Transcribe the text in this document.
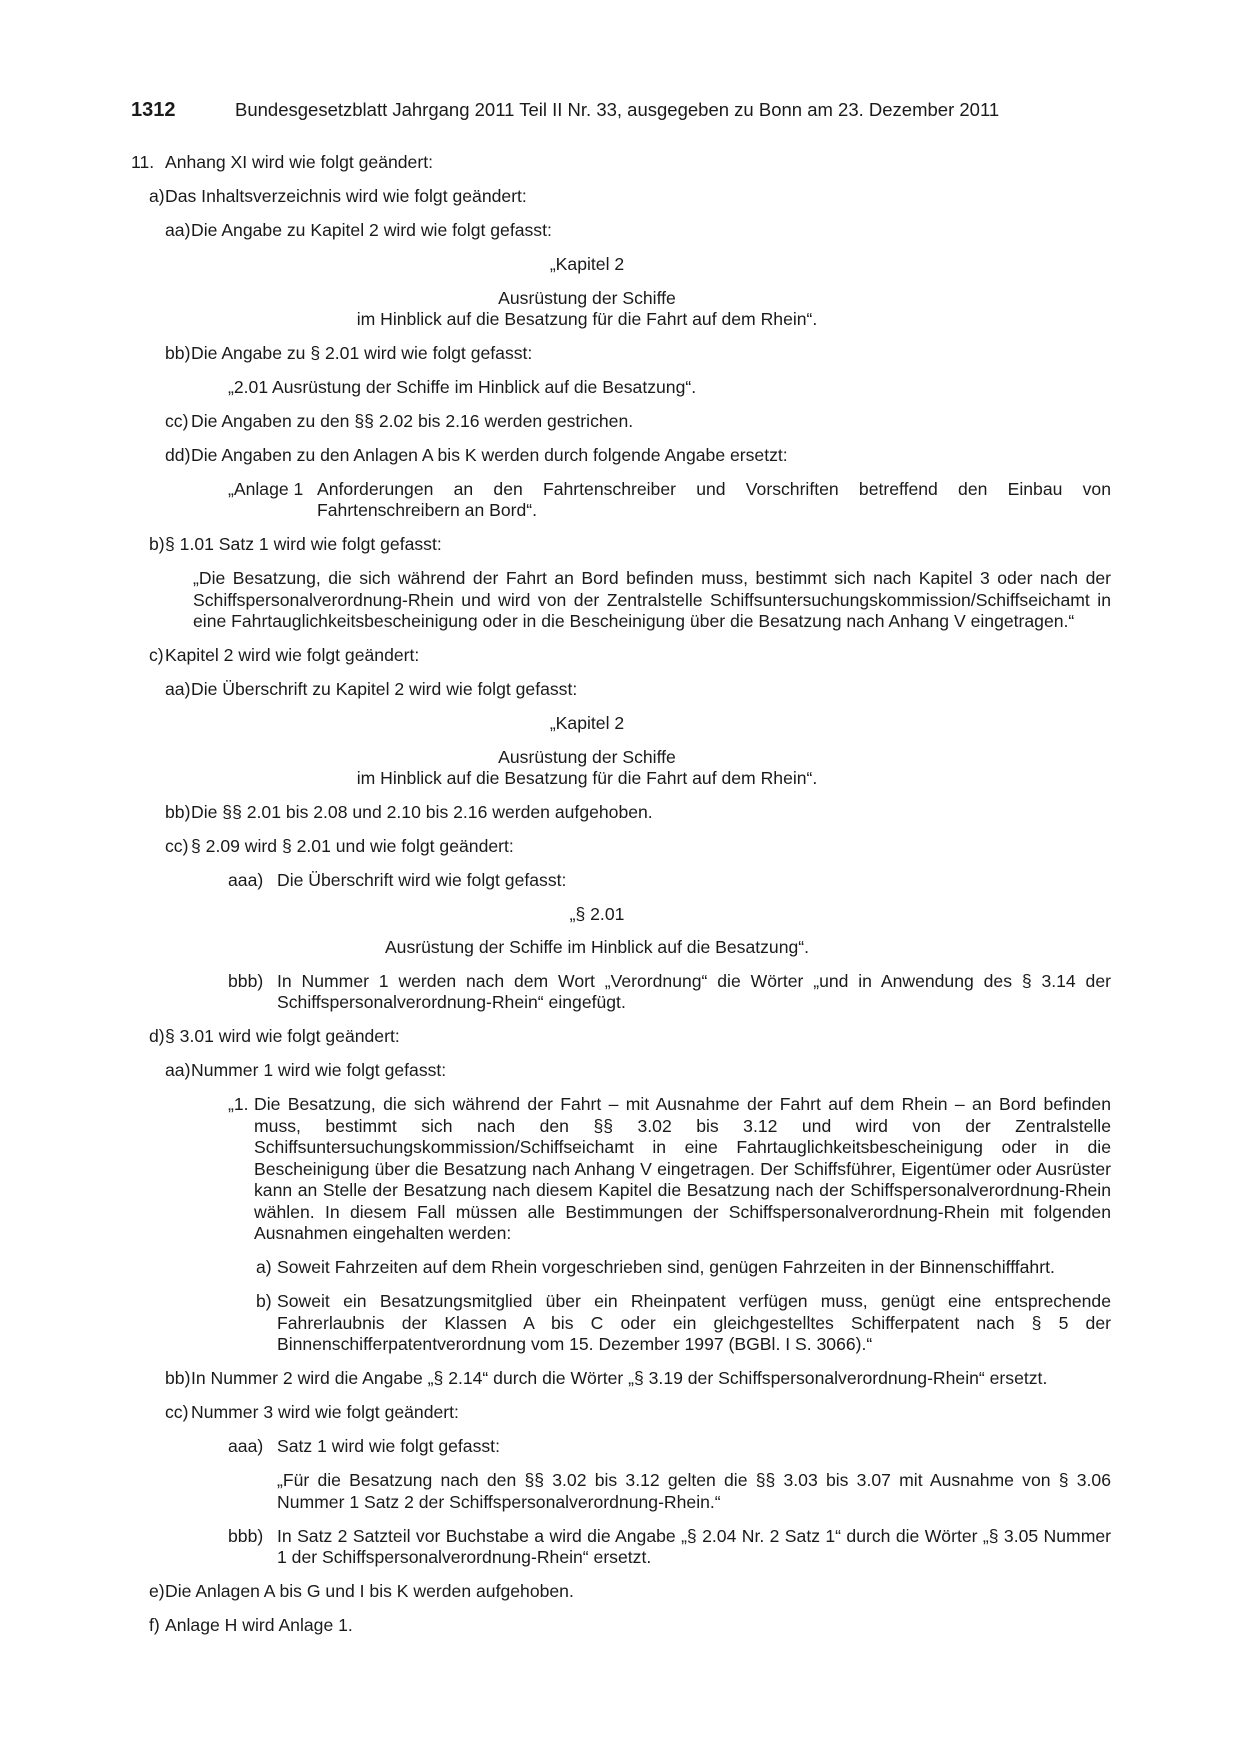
1312	Bundesgesetzblatt Jahrgang 2011 Teil II Nr. 33, ausgegeben zu Bonn am 23. Dezember 2011
11. Anhang XI wird wie folgt geändert:
a) Das Inhaltsverzeichnis wird wie folgt geändert:
aa) Die Angabe zu Kapitel 2 wird wie folgt gefasst:
„Kapitel 2
Ausrüstung der Schiffe
im Hinblick auf die Besatzung für die Fahrt auf dem Rhein“.
bb) Die Angabe zu § 2.01 wird wie folgt gefasst:
„2.01 Ausrüstung der Schiffe im Hinblick auf die Besatzung“.
cc) Die Angaben zu den §§ 2.02 bis 2.16 werden gestrichen.
dd) Die Angaben zu den Anlagen A bis K werden durch folgende Angabe ersetzt:
„Anlage 1 Anforderungen an den Fahrtenschreiber und Vorschriften betreffend den Einbau von Fahrtenschreibern an Bord“.
b) § 1.01 Satz 1 wird wie folgt gefasst:
„Die Besatzung, die sich während der Fahrt an Bord befinden muss, bestimmt sich nach Kapitel 3 oder nach der Schiffspersonalverordnung-Rhein und wird von der Zentralstelle Schiffsuntersuchungskommission/Schiffseichamt in eine Fahrtauglichkeitsbescheinigung oder in die Bescheinigung über die Besatzung nach Anhang V eingetragen.“
c) Kapitel 2 wird wie folgt geändert:
aa) Die Überschrift zu Kapitel 2 wird wie folgt gefasst:
„Kapitel 2
Ausrüstung der Schiffe
im Hinblick auf die Besatzung für die Fahrt auf dem Rhein“.
bb) Die §§ 2.01 bis 2.08 und 2.10 bis 2.16 werden aufgehoben.
cc) § 2.09 wird § 2.01 und wie folgt geändert:
aaa) Die Überschrift wird wie folgt gefasst:
„§ 2.01
Ausrüstung der Schiffe im Hinblick auf die Besatzung“.
bbb) In Nummer 1 werden nach dem Wort „Verordnung“ die Wörter „und in Anwendung des § 3.14 der Schiffspersonalverordnung-Rhein“ eingefügt.
d) § 3.01 wird wie folgt geändert:
aa) Nummer 1 wird wie folgt gefasst:
„1. Die Besatzung, die sich während der Fahrt – mit Ausnahme der Fahrt auf dem Rhein – an Bord befinden muss, bestimmt sich nach den §§ 3.02 bis 3.12 und wird von der Zentralstelle Schiffsuntersuchungskommission/Schiffseichamt in eine Fahrtauglichkeitsbescheinigung oder in die Bescheinigung über die Besatzung nach Anhang V eingetragen. Der Schiffsführer, Eigentümer oder Ausrüster kann an Stelle der Besatzung nach diesem Kapitel die Besatzung nach der Schiffspersonalverordnung-Rhein wählen. In diesem Fall müssen alle Bestimmungen der Schiffspersonalverordnung-Rhein mit folgenden Ausnahmen eingehalten werden:
a) Soweit Fahrzeiten auf dem Rhein vorgeschrieben sind, genügen Fahrzeiten in der Binnenschifffahrt.
b) Soweit ein Besatzungsmitglied über ein Rheinpatent verfügen muss, genügt eine entsprechende Fahrerlaubnis der Klassen A bis C oder ein gleichgestelltes Schifferpatent nach § 5 der Binnenschifferpatentverordnung vom 15. Dezember 1997 (BGBl. I S. 3066).“
bb) In Nummer 2 wird die Angabe „§ 2.14“ durch die Wörter „§ 3.19 der Schiffspersonalverordnung-Rhein“ ersetzt.
cc) Nummer 3 wird wie folgt geändert:
aaa) Satz 1 wird wie folgt gefasst:
„Für die Besatzung nach den §§ 3.02 bis 3.12 gelten die §§ 3.03 bis 3.07 mit Ausnahme von § 3.06 Nummer 1 Satz 2 der Schiffspersonalverordnung-Rhein.“
bbb) In Satz 2 Satzteil vor Buchstabe a wird die Angabe „§ 2.04 Nr. 2 Satz 1“ durch die Wörter „§ 3.05 Nummer 1 der Schiffspersonalverordnung-Rhein“ ersetzt.
e) Die Anlagen A bis G und I bis K werden aufgehoben.
f) Anlage H wird Anlage 1.
